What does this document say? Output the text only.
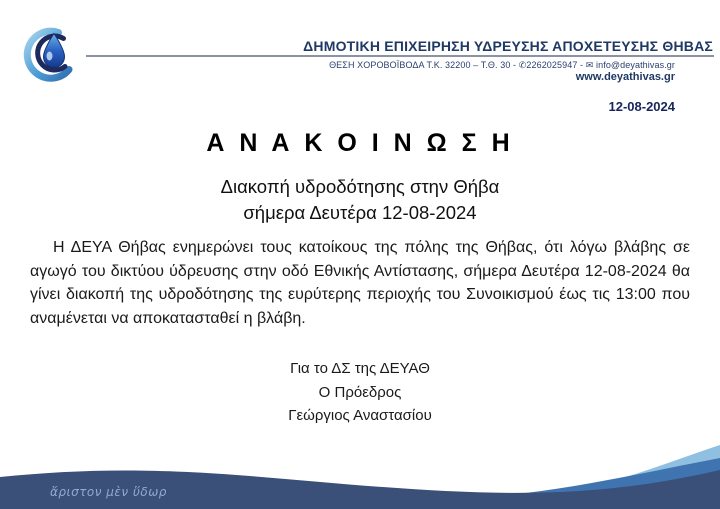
ΔΗΜΟΤΙΚΗ ΕΠΙΧΕΙΡΗΣΗ ΥΔΡΕΥΣΗΣ ΑΠΟΧΕΤΕΥΣΗΣ ΘΗΒΑΣ
ΘΕΣΗ ΧΟΡΟΒΟΪΒΟΔΑ Τ.Κ. 32200 – Τ.Θ. 30 - ✆2262025947 - ✉ info@deyathivas.gr
www.deyathivas.gr
12-08-2024
Α Ν Α Κ Ο Ι Ν Ω Σ Η
Διακοπή υδροδότησης στην Θήβα
σήμερα Δευτέρα 12-08-2024
Η ΔΕΥΑ Θήβας ενημερώνει τους κατοίκους της πόλης της Θήβας, ότι λόγω βλάβης σε αγωγό του δικτύου ύδρευσης στην οδό Εθνικής Αντίστασης, σήμερα Δευτέρα 12-08-2024 θα γίνει διακοπή της υδροδότησης της ευρύτερης περιοχής του Συνοικισμού έως τις 13:00 που αναμένεται να αποκατασταθεί η βλάβη.
Για το ΔΣ της ΔΕΥΑΘ
Ο Πρόεδρος
Γεώργιος Αναστασίου
ἄριστον μὲν ὕδωρ
